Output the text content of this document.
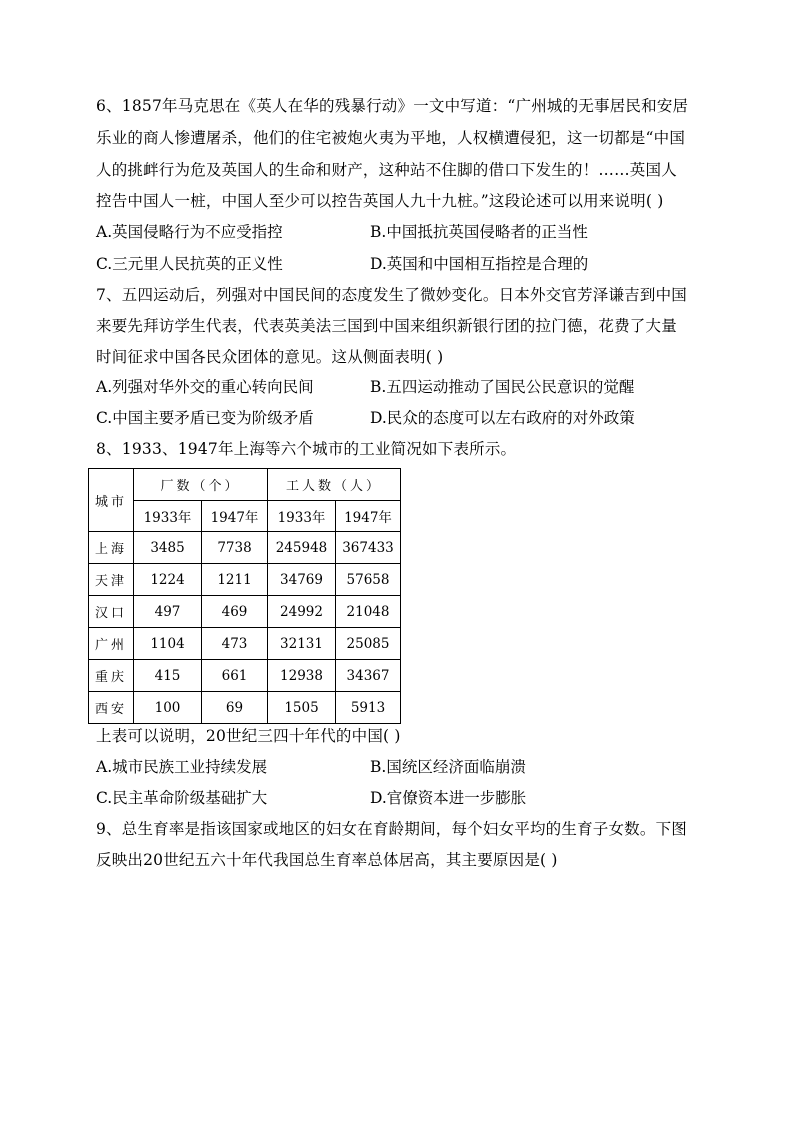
6、1857年马克思在《英人在华的残暴行动》一文中写道：“广州城的无事居民和安居
乐业的商人惨遭屠杀，他们的住宅被炮火夷为平地，人权横遭侵犯，这一切都是“中国
人的挑衅行为危及英国人的生命和财产，这种站不住脚的借口下发生的！……英国人
控告中国人一桩，中国人至少可以控告英国人九十九桩。”这段论述可以用来说明( )
A.英国侵略行为不应受指控	B.中国抵抗英国侵略者的正当性
C.三元里人民抗英的正义性	D.英国和中国相互指控是合理的
7、五四运动后，列强对中国民间的态度发生了微妙变化。日本外交官芳泽谦吉到中国
来要先拜访学生代表，代表英美法三国到中国来组织新银行团的拉门德，花费了大量
时间征求中国各民众团体的意见。这从侧面表明( )
A.列强对华外交的重心转向民间	B.五四运动推动了国民公民意识的觉醒
C.中国主要矛盾已变为阶级矛盾	D.民众的态度可以左右政府的对外政策
8、1933、1947年上海等六个城市的工业简况如下表所示。
城市	厂数（个）		工人数（人）	
	1933年	1947年	1933年	1947年
上海	3485	7738	245948	367433
天津	1224	1211	34769	57658
汉口	497	469	24992	21048
广州	1104	473	32131	25085
重庆	415	661	12938	34367
西安	100	69	1505	5913
上表可以说明，20世纪三四十年代的中国( )
A.城市民族工业持续发展	B.国统区经济面临崩溃
C.民主革命阶级基础扩大	D.官僚资本进一步膨胀
9、总生育率是指该国家或地区的妇女在育龄期间，每个妇女平均的生育子女数。下图
反映出20世纪五六十年代我国总生育率总体居高，其主要原因是( )
